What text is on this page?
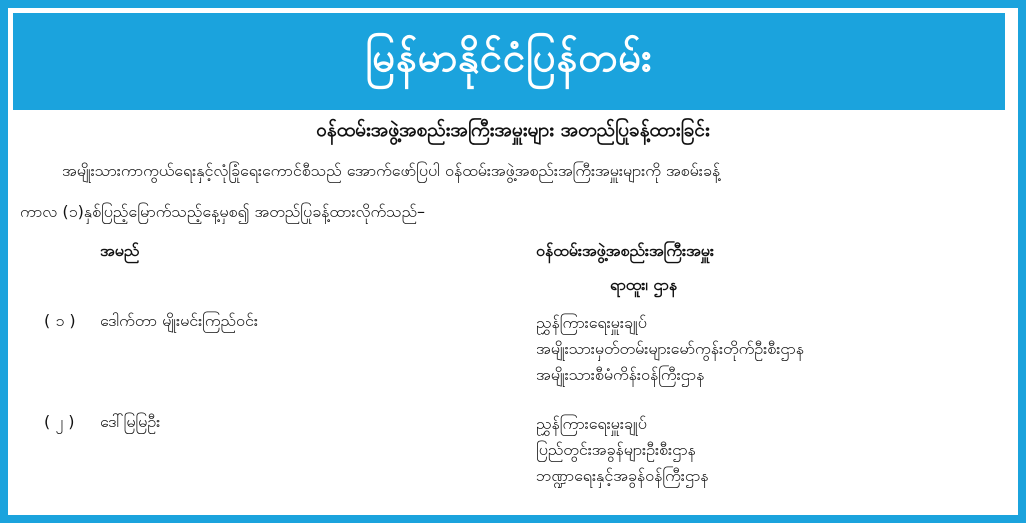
မြန်မာနိုင်ငံပြန်တမ်း
ဝန်ထမ်းအဖွဲ့အစည်းအကြီးအမှူးများ အတည်ပြုခန့်ထားခြင်း
အမျိုးသားကာကွယ်ရေးနှင့်လုံခြုံရေးကောင်စီသည် အောက်ဖော်ပြပါ ဝန်ထမ်းအဖွဲ့အစည်းအကြီးအမှူးများကို အစမ်းခန့်
ကာလ (၁)နှစ်ပြည့်မြောက်သည့်နေ့မှစ၍ အတည်ပြုခန့်ထားလိုက်သည်–
အမည်	ဝန်ထမ်းအဖွဲ့အစည်းအကြီးအမှူး
ရာထူး၊ ဌာန
( ၁ ) ဒေါက်တာ မျိုးမင်းကြည်ဝင်း	ညွှန်ကြားရေးမှူးချုပ်
အမျိုးသားမှတ်တမ်းများမော်ကွန်းတိုက်ဦးစီးဌာန
အမျိုးသားစီမံကိန်းဝန်ကြီးဌာန
( ၂ ) ဒေါ်မြမြဦး	ညွှန်ကြားရေးမှူးချုပ်
ပြည်တွင်းအခွန်များဦးစီးဌာန
ဘဏ္ဍာရေးနှင့်အခွန်ဝန်ကြီးဌာန
